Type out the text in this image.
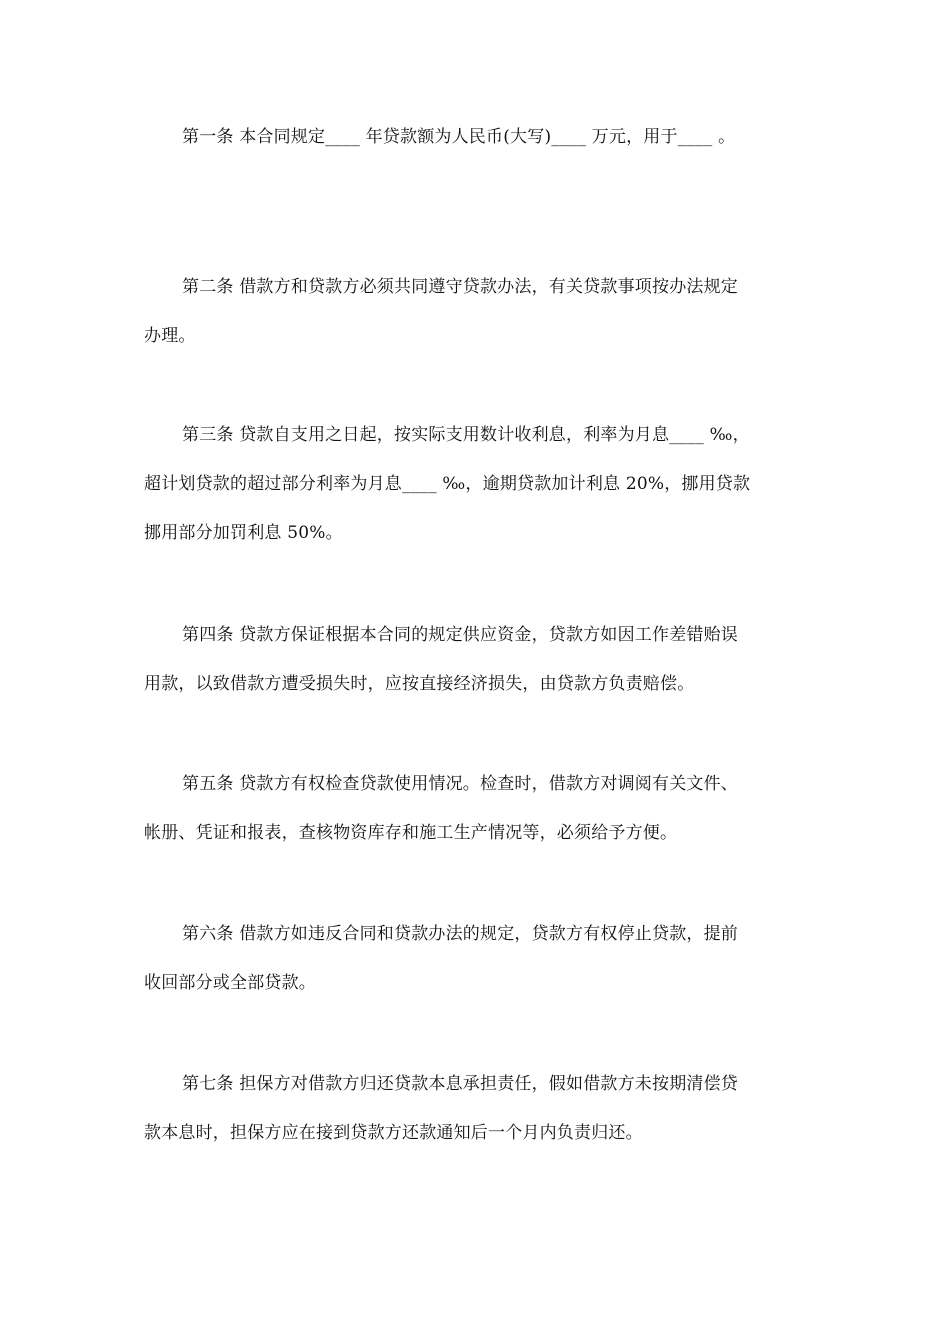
第一条 本合同规定____ 年贷款额为人民币(大写)____ 万元，用于____ 。
第二条 借款方和贷款方必须共同遵守贷款办法，有关贷款事项按办法规定
办理。
第三条 贷款自支用之日起，按实际支用数计收利息，利率为月息____ ‰，
超计划贷款的超过部分利率为月息____ ‰，逾期贷款加计利息 20%，挪用贷款
挪用部分加罚利息 50%。
第四条 贷款方保证根据本合同的规定供应资金，贷款方如因工作差错贻误
用款，以致借款方遭受损失时，应按直接经济损失，由贷款方负责赔偿。
第五条 贷款方有权检查贷款使用情况。检查时，借款方对调阅有关文件、
帐册、凭证和报表，查核物资库存和施工生产情况等，必须给予方便。
第六条 借款方如违反合同和贷款办法的规定，贷款方有权停止贷款，提前
收回部分或全部贷款。
第七条 担保方对借款方归还贷款本息承担责任，假如借款方未按期清偿贷
款本息时，担保方应在接到贷款方还款通知后一个月内负责归还。
